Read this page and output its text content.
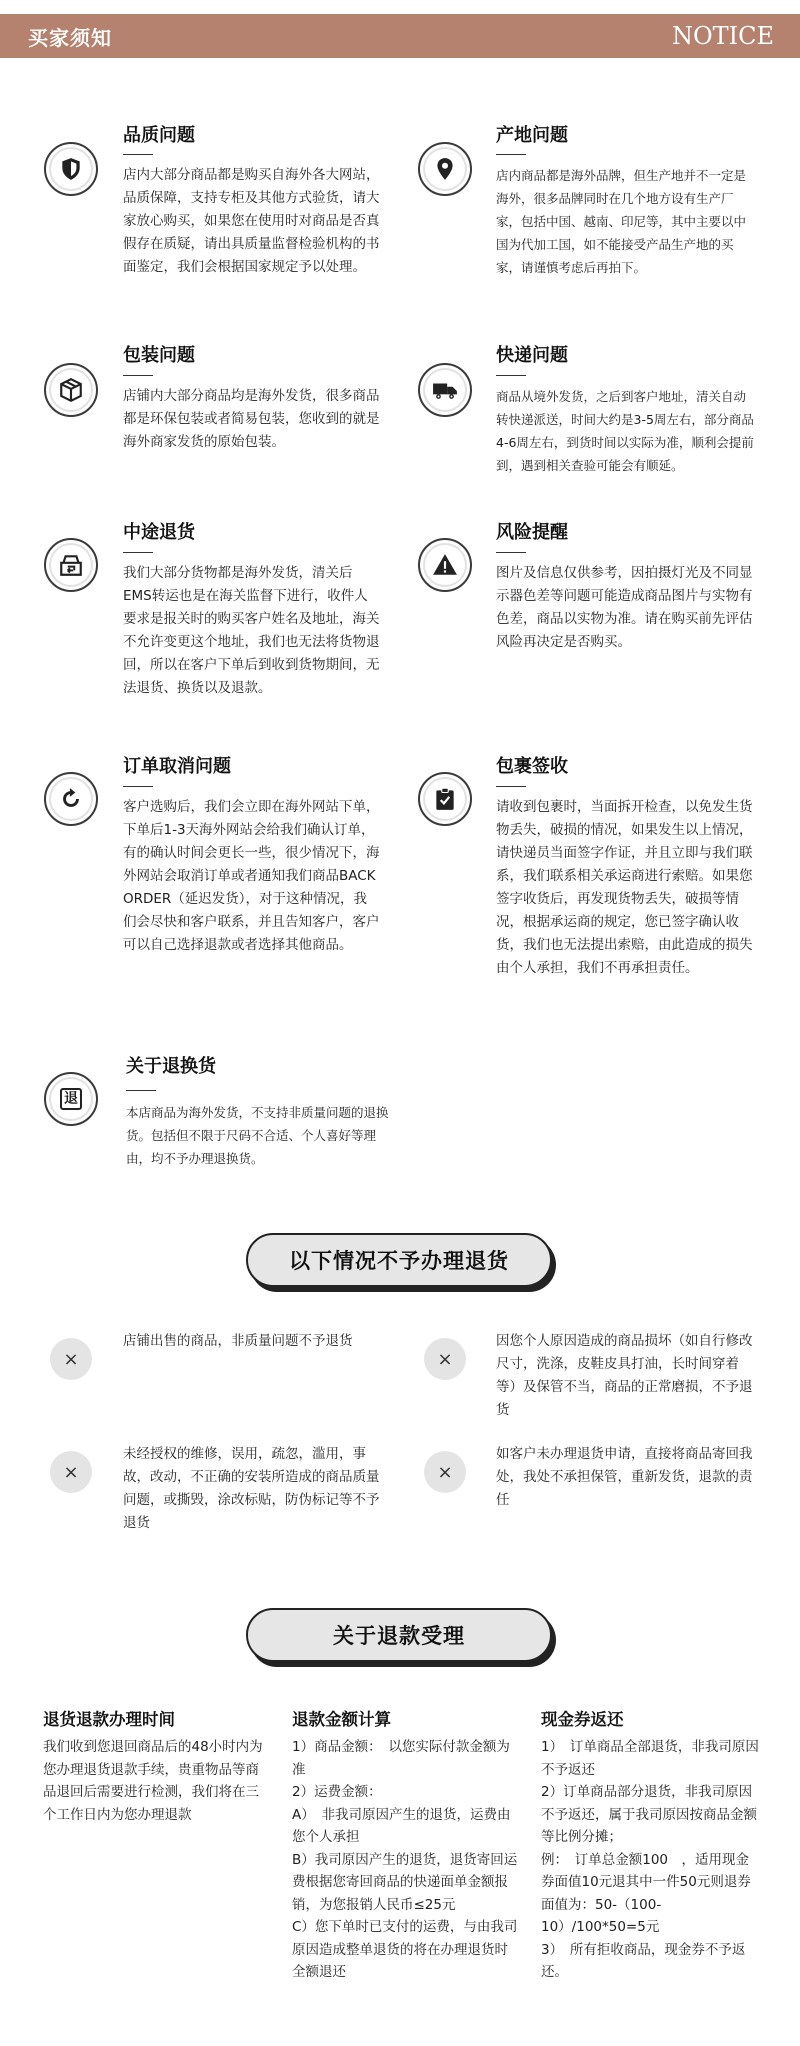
买家须知	NOTICE
品质问题
店内大部分商品都是购买自海外各大网站，品质保障，支持专柜及其他方式验货，请大家放心购买，如果您在使用时对商品是否真假存在质疑，请出具质量监督检验机构的书面鉴定，我们会根据国家规定予以处理。
产地问题
店内商品都是海外品牌，但生产地并不一定是海外，很多品牌同时在几个地方设有生产厂家，包括中国、越南、印尼等，其中主要以中国为代加工国，如不能接受产品生产地的买家，请谨慎考虑后再拍下。
包装问题
店铺内大部分商品均是海外发货，很多商品都是环保包装或者简易包装，您收到的就是海外商家发货的原始包装。
快递问题
商品从境外发货，之后到客户地址，清关自动转快递派送，时间大约是3-5周左右，部分商品4-6周左右，到货时间以实际为准，顺利会提前到，遇到相关查验可能会有顺延。
中途退货
我们大部分货物都是海外发货，清关后EMS转运也是在海关监督下进行，收件人要求是报关时的购买客户姓名及地址，海关不允许变更这个地址，我们也无法将货物退回，所以在客户下单后到收到货物期间，无法退货、换货以及退款。
风险提醒
图片及信息仅供参考，因拍摄灯光及不同显示器色差等问题可能造成商品图片与实物有色差，商品以实物为准。请在购买前先评估风险再决定是否购买。
订单取消问题
客户选购后，我们会立即在海外网站下单，下单后1-3天海外网站会给我们确认订单，有的确认时间会更长一些，很少情况下，海外网站会取消订单或者通知我们商品BACK ORDER（延迟发货），对于这种情况，我们会尽快和客户联系，并且告知客户，客户可以自己选择退款或者选择其他商品。
包裹签收
请收到包裹时，当面拆开检查，以免发生货物丢失，破损的情况，如果发生以上情况，请快递员当面签字作证，并且立即与我们联系，我们联系相关承运商进行索赔。如果您签字收货后，再发现货物丢失，破损等情况，根据承运商的规定，您已签字确认收货，我们也无法提出索赔，由此造成的损失由个人承担，我们不再承担责任。
退
关于退换货
本店商品为海外发货，不支持非质量问题的退换货。包括但不限于尺码不合适、个人喜好等理由，均不予办理退换货。
以下情况不予办理退货
×
店铺出售的商品，非质量问题不予退货
×
因您个人原因造成的商品损坏（如自行修改尺寸，洗涤，皮鞋皮具打油，长时间穿着等）及保管不当，商品的正常磨损，不予退货
×
未经授权的维修，误用，疏忽，滥用，事故，改动，不正确的安装所造成的商品质量问题，或撕毁，涂改标贴，防伪标记等不予退货
×
如客户未办理退货申请，直接将商品寄回我处，我处不承担保管，重新发货，退款的责任
关于退款受理
退货退款办理时间
我们收到您退回商品后的48小时内为您办理退货退款手续，贵重物品等商品退回后需要进行检测，我们将在三个工作日内为您办理退款
退款金额计算
1）商品金额：　以您实际付款金额为准
2）运费金额：
A）　非我司原因产生的退货，运费由您个人承担
B）我司原因产生的退货，退货寄回运费根据您寄回商品的快递面单金额报销，为您报销人民币≤25元
C）您下单时已支付的运费，与由我司原因造成整单退货的将在办理退货时全额退还
现金券返还
1）　订单商品全部退货，非我司原因不予返还
2）订单商品部分退货，非我司原因不予返还，属于我司原因按商品金额等比例分摊；
例：　订单总金额100　，适用现金券面值10元退其中一件50元则退券面值为：50-（100-10）/100*50=5元
3）　所有拒收商品，现金券不予返还。
